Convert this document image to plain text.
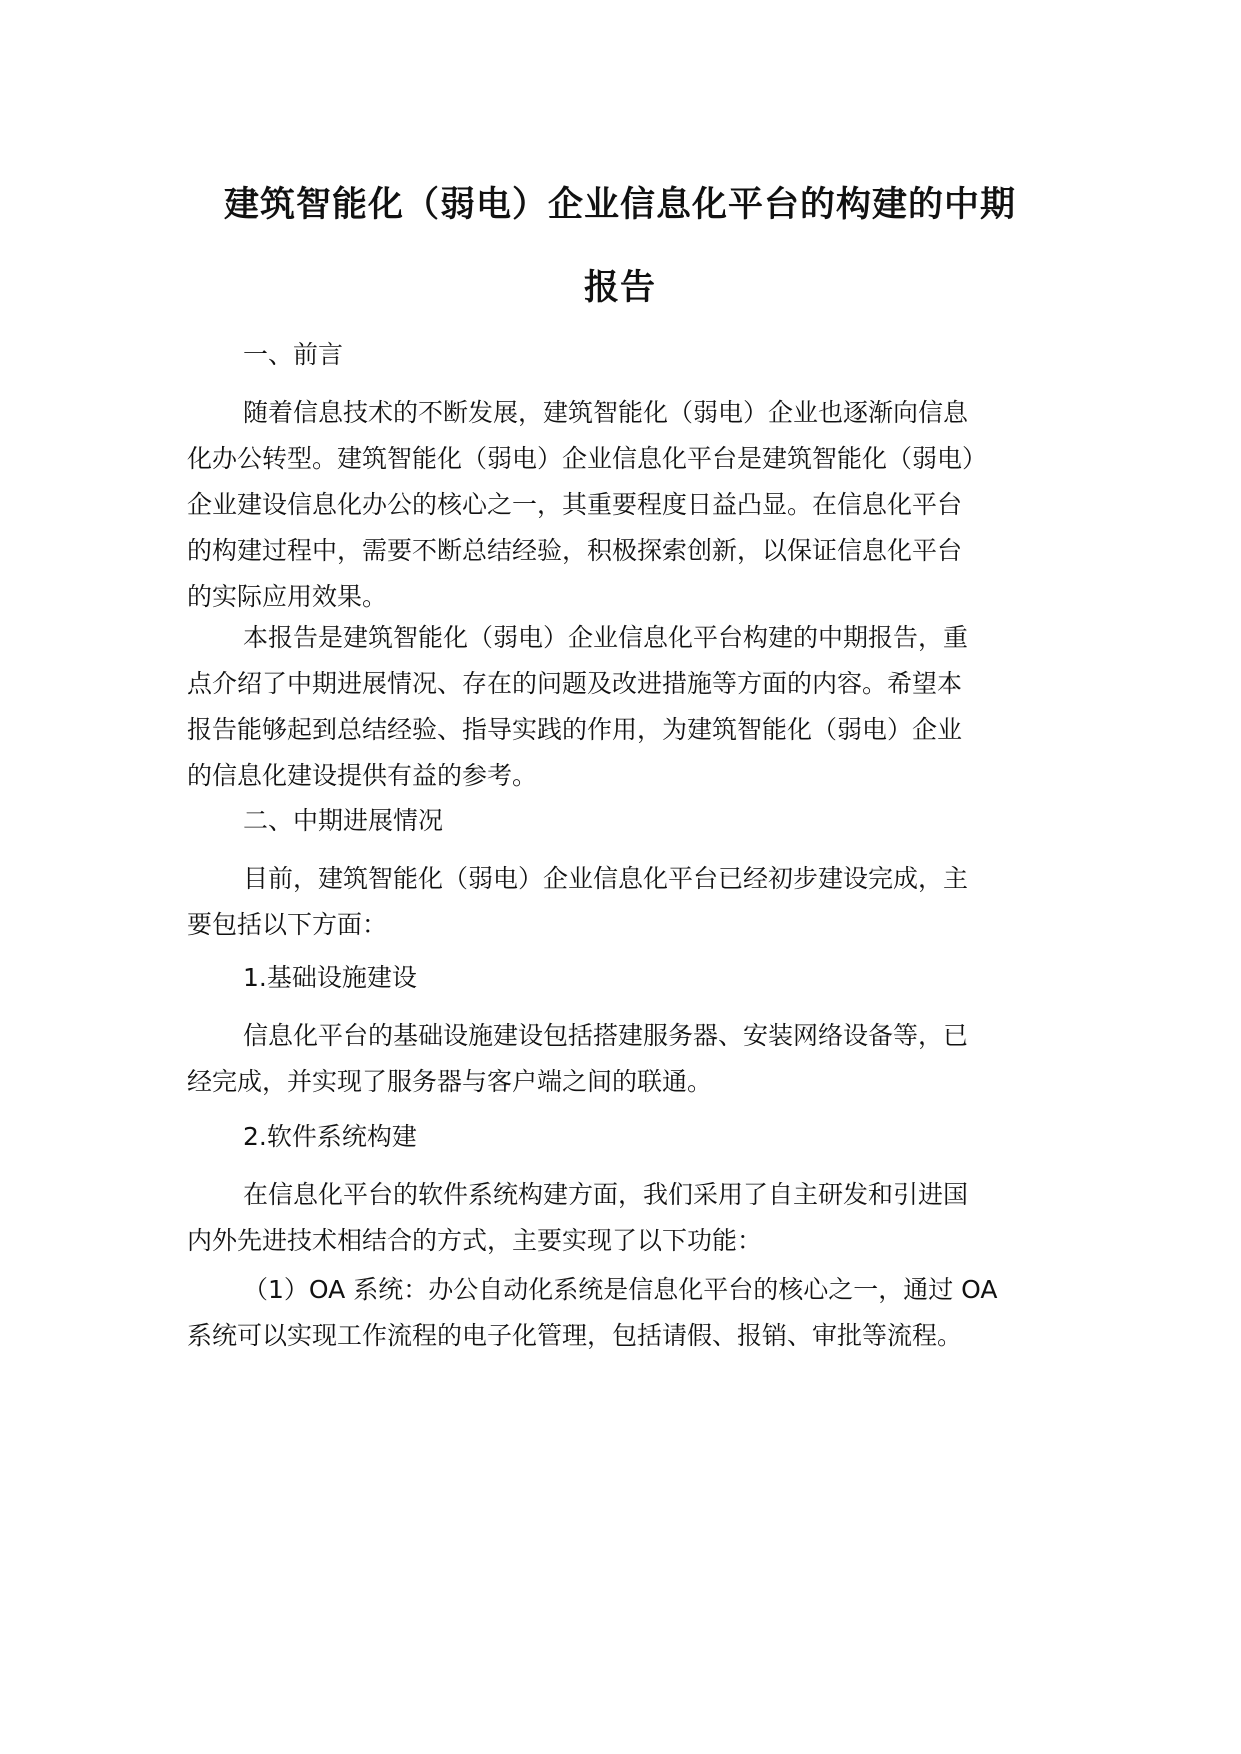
建筑智能化（弱电）企业信息化平台的构建的中期
报告
一、前言
随着信息技术的不断发展，建筑智能化（弱电）企业也逐渐向信息
化办公转型。建筑智能化（弱电）企业信息化平台是建筑智能化（弱电）
企业建设信息化办公的核心之一，其重要程度日益凸显。在信息化平台
的构建过程中，需要不断总结经验，积极探索创新，以保证信息化平台
的实际应用效果。
本报告是建筑智能化（弱电）企业信息化平台构建的中期报告，重
点介绍了中期进展情况、存在的问题及改进措施等方面的内容。希望本
报告能够起到总结经验、指导实践的作用，为建筑智能化（弱电）企业
的信息化建设提供有益的参考。
二、中期进展情况
目前，建筑智能化（弱电）企业信息化平台已经初步建设完成，主
要包括以下方面：
1.基础设施建设
信息化平台的基础设施建设包括搭建服务器、安装网络设备等，已
经完成，并实现了服务器与客户端之间的联通。
2.软件系统构建
在信息化平台的软件系统构建方面，我们采用了自主研发和引进国
内外先进技术相结合的方式，主要实现了以下功能：
（1）OA 系统：办公自动化系统是信息化平台的核心之一，通过 OA
系统可以实现工作流程的电子化管理，包括请假、报销、审批等流程。
